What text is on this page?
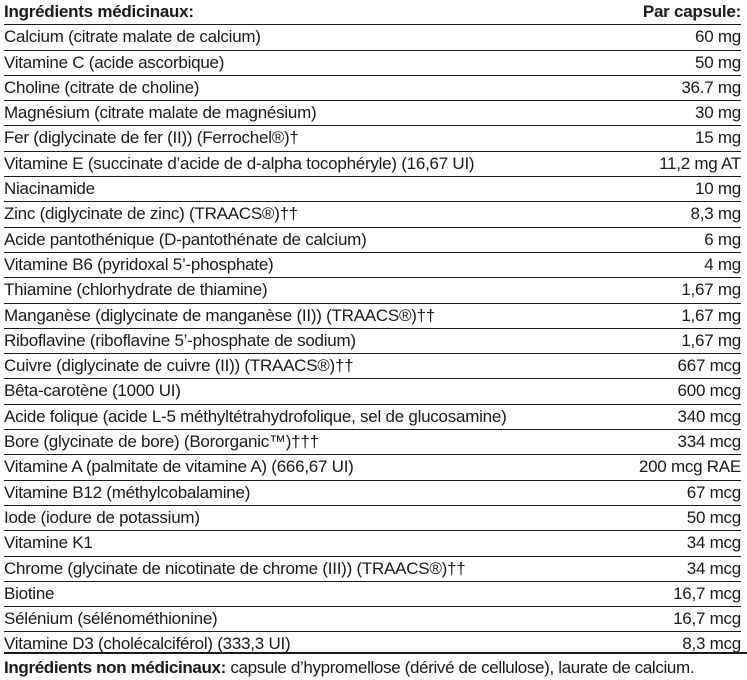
Ingrédients médicinaux:	Par capsule:
Calcium (citrate malate de calcium)	60 mg
Vitamine C (acide ascorbique)	50 mg
Choline (citrate de choline)	36.7 mg
Magnésium (citrate malate de magnésium)	30 mg
Fer (diglycinate de fer (II)) (Ferrochel®)†	15 mg
Vitamine E (succinate d’acide de d-alpha tocophéryle) (16,67 UI)	11,2 mg AT
Niacinamide	10 mg
Zinc (diglycinate de zinc) (TRAACS®)††	8,3 mg
Acide pantothénique (D-pantothénate de calcium)	6 mg
Vitamine B6 (pyridoxal 5’-phosphate)	4 mg
Thiamine (chlorhydrate de thiamine)	1,67 mg
Manganèse (diglycinate de manganèse (II)) (TRAACS®)††	1,67 mg
Riboflavine (riboflavine 5’-phosphate de sodium)	1,67 mg
Cuivre (diglycinate de cuivre (II)) (TRAACS®)††	667 mcg
Bêta-carotène (1000 UI)	600 mcg
Acide folique (acide L-5 méthyltétrahydrofolique, sel de glucosamine)	340 mcg
Bore (glycinate de bore) (Bororganic™)†††	334 mcg
Vitamine A (palmitate de vitamine A) (666,67 UI)	200 mcg RAE
Vitamine B12 (méthylcobalamine)	67 mcg
Iode (iodure de potassium)	50 mcg
Vitamine K1	34 mcg
Chrome (glycinate de nicotinate de chrome (III)) (TRAACS®)††	34 mcg
Biotine	16,7 mcg
Sélénium (sélénométhionine)	16,7 mcg
Vitamine D3 (cholécalciférol) (333,3 UI)	8,3 mcg
Ingrédients non médicinaux: capsule d’hypromellose (dérivé de cellulose), laurate de calcium.
